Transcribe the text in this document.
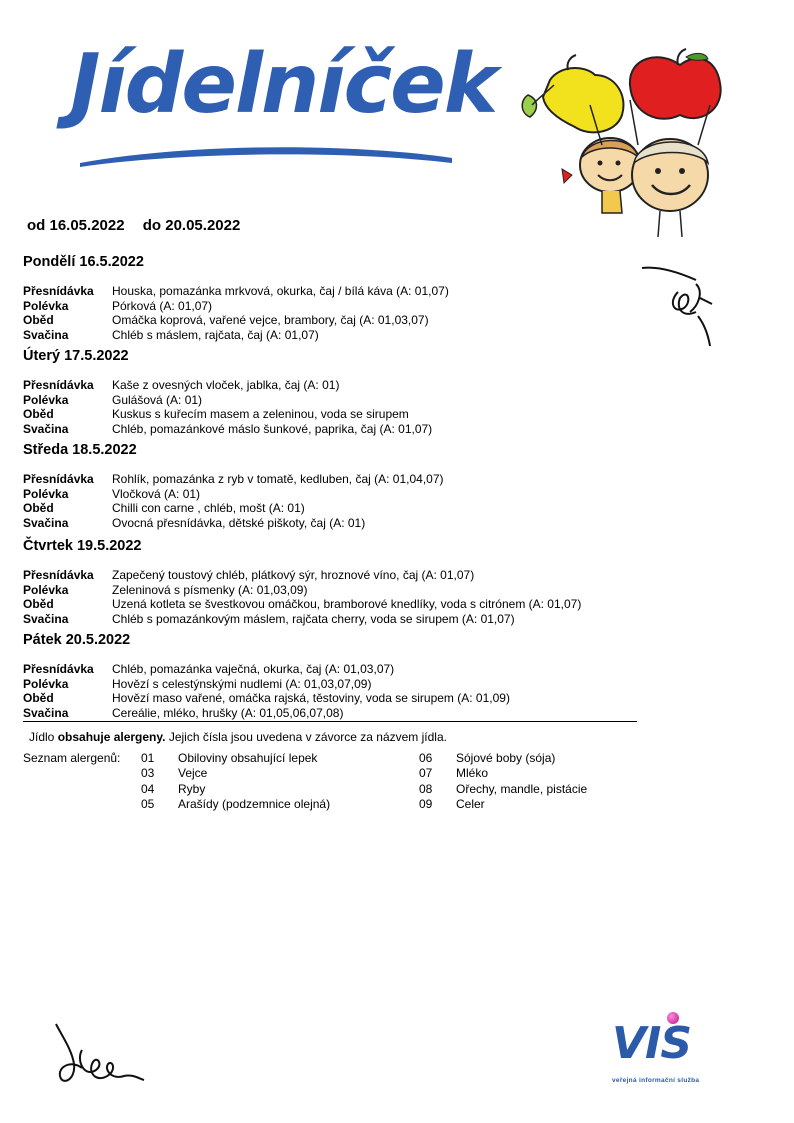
Jídelníček
od 16.05.2022 do 20.05.2022
Pondělí 16.5.2022
Přesnídávka	Houska, pomazánka mrkvová, okurka, čaj / bílá káva (A: 01,07)
Polévka	Pórková (A: 01,07)
Oběd	Omáčka koprová, vařené vejce, brambory, čaj (A: 01,03,07)
Svačina	Chléb s máslem, rajčata, čaj (A: 01,07)
Úterý 17.5.2022
Přesnídávka	Kaše z ovesných vloček, jablka, čaj (A: 01)
Polévka	Gulášová (A: 01)
Oběd	Kuskus s kuřecím masem a zeleninou, voda se sirupem
Svačina	Chléb, pomazánkové máslo šunkové, paprika, čaj (A: 01,07)
Středa 18.5.2022
Přesnídávka	Rohlík, pomazánka z ryb v tomatě, kedluben, čaj (A: 01,04,07)
Polévka	Vločková (A: 01)
Oběd	Chilli con carne , chléb, mošt (A: 01)
Svačina	Ovocná přesnídávka, dětské piškoty, čaj (A: 01)
Čtvrtek 19.5.2022
Přesnídávka	Zapečený toustový chléb, plátkový sýr, hroznové víno, čaj (A: 01,07)
Polévka	Zeleninová s písmenky (A: 01,03,09)
Oběd	Uzená kotleta se švestkovou omáčkou, bramborové knedlíky, voda s citrónem (A: 01,07)
Svačina	Chléb s pomazánkovým máslem, rajčata cherry, voda se sirupem (A: 01,07)
Pátek 20.5.2022
Přesnídávka	Chléb, pomazánka vaječná, okurka, čaj (A: 01,03,07)
Polévka	Hovězí s celestýnskými nudlemi (A: 01,03,07,09)
Oběd	Hovězí maso vařené, omáčka rajská, těstoviny, voda se sirupem (A: 01,09)
Svačina	Cereálie, mléko, hrušky (A: 01,05,06,07,08)
Jídlo obsahuje alergeny. Jejich čísla jsou uvedena v závorce za názvem jídla.
Seznam alergenů: 01	Obiloviny obsahující lepek
03	Vejce
04	Ryby
05	Arašídy (podzemnice olejná)
06	Sójové boby (sója)
07	Mléko
08	Ořechy, mandle, pistácie
09	Celer
VIS
veřejná informační služba
